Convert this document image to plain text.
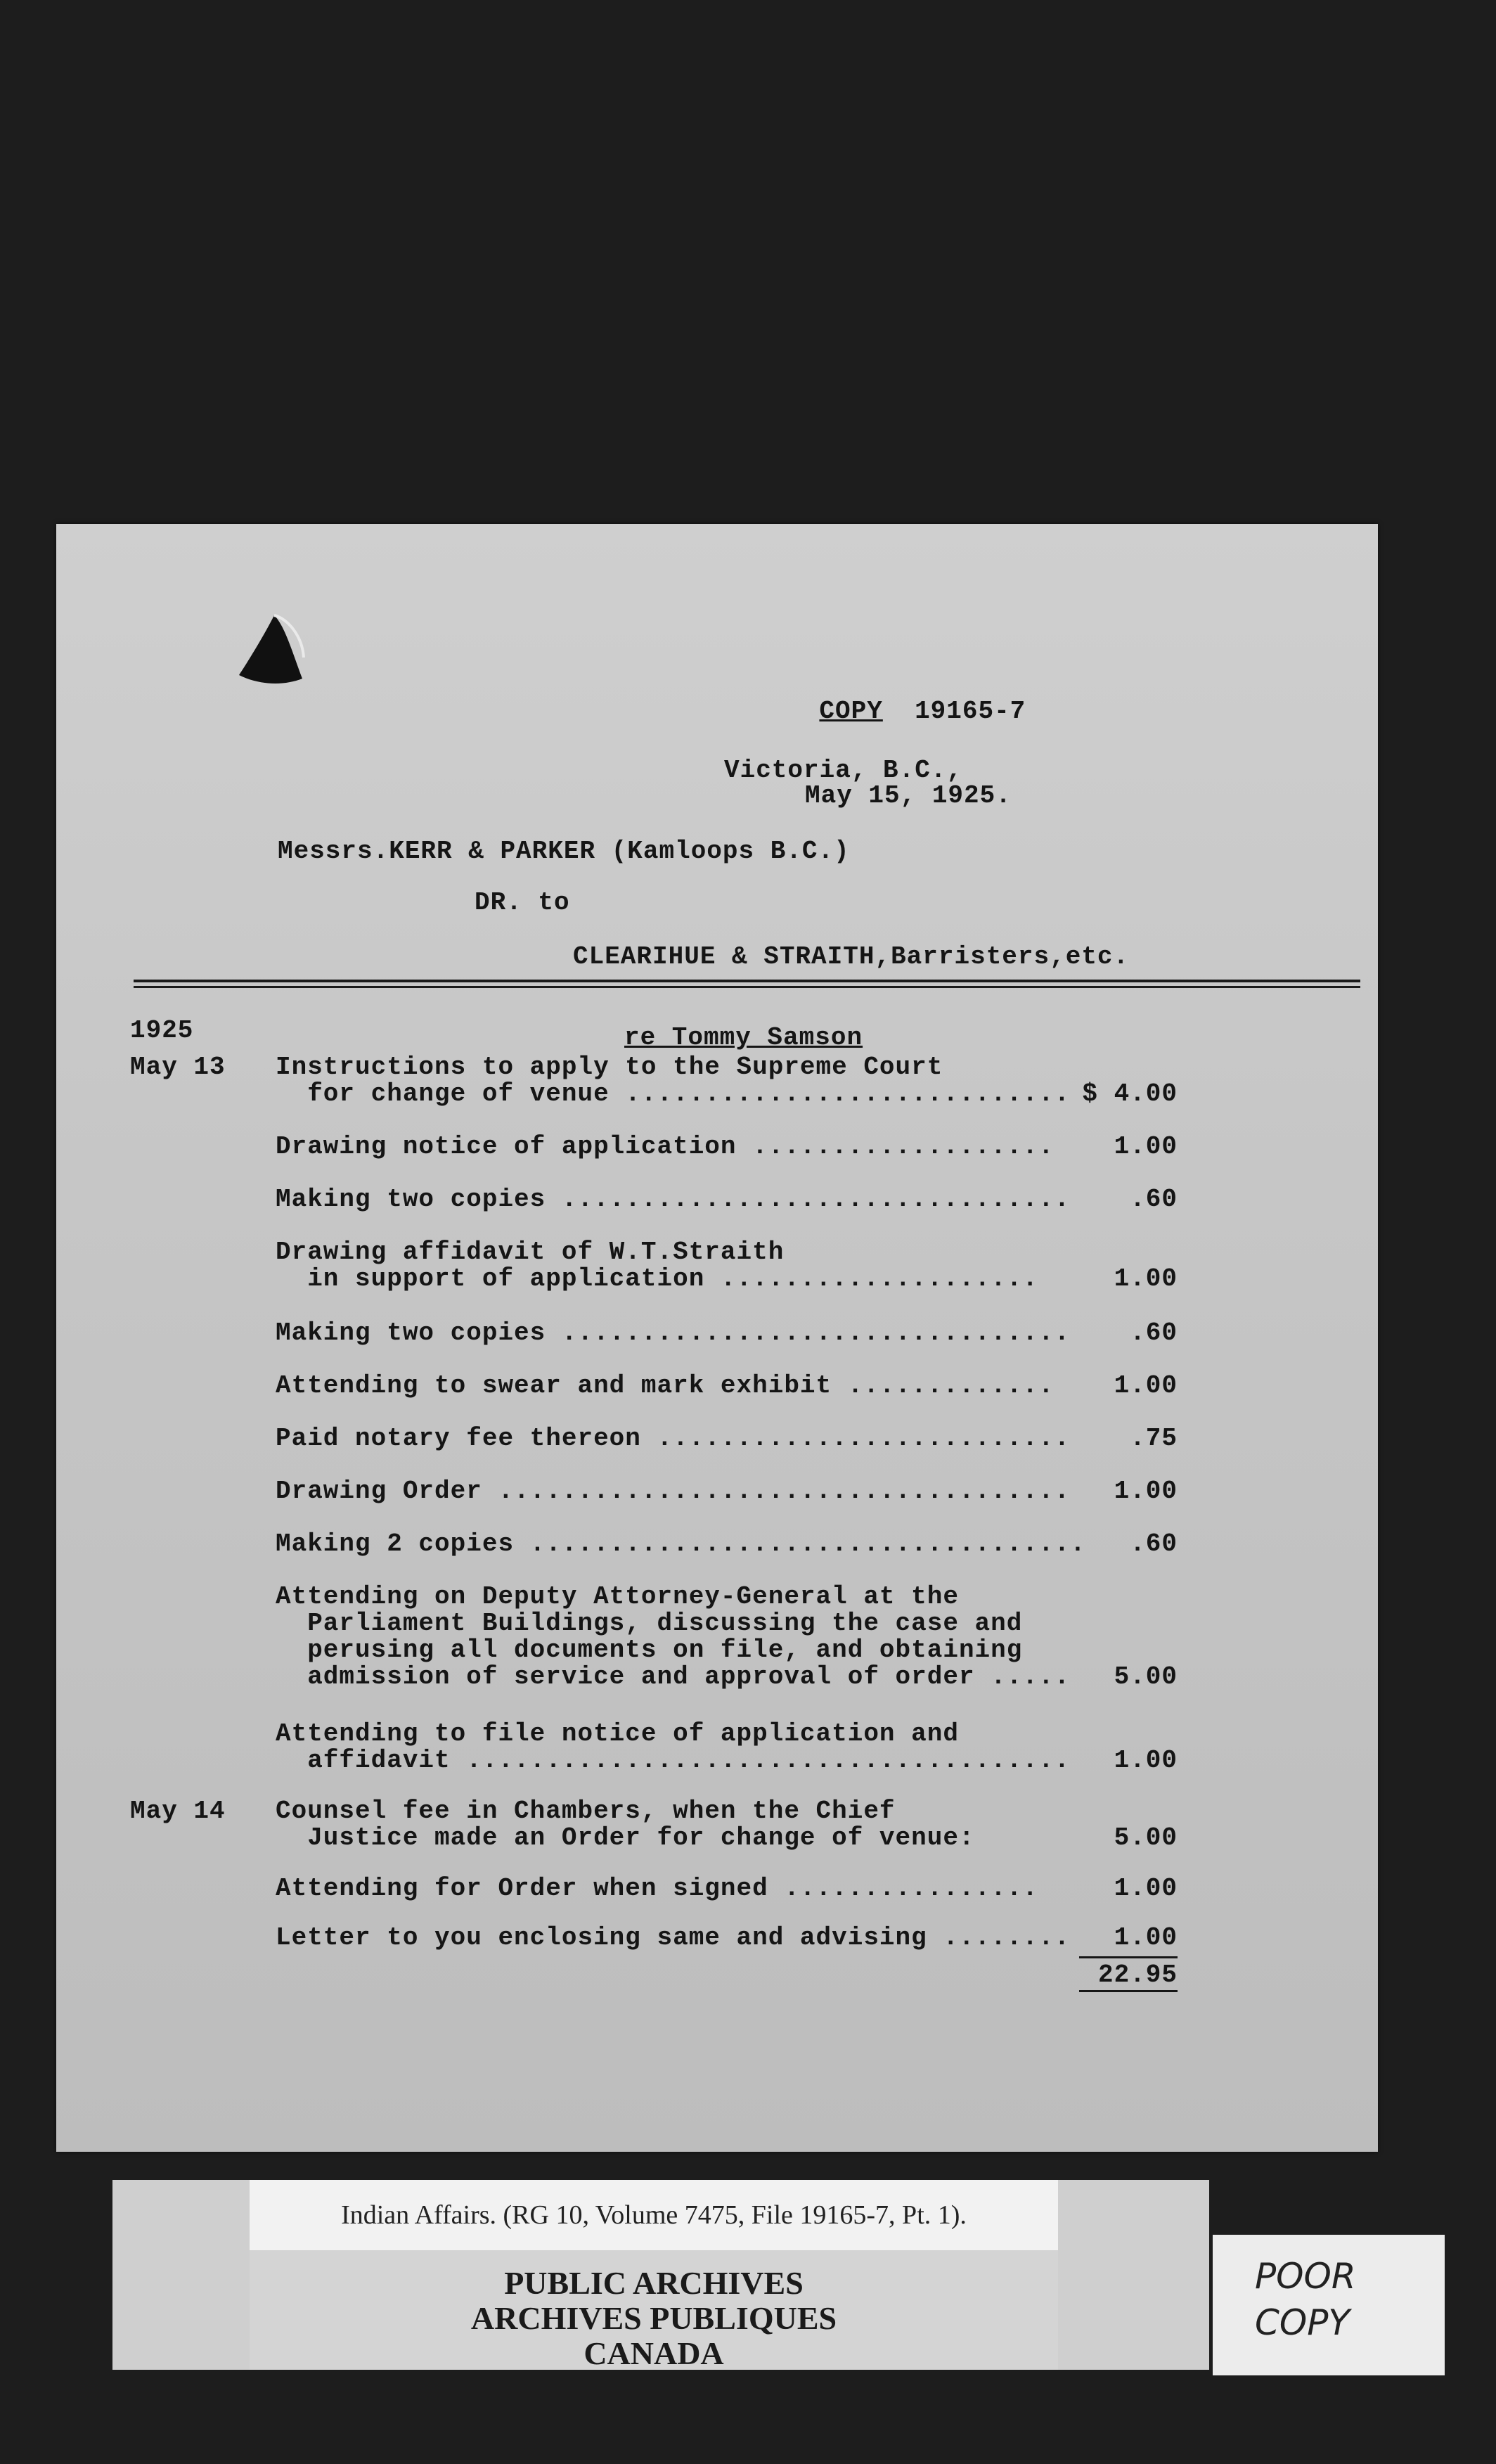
COPY 19165-7

Victoria, B.C.,
May 15, 1925.
Messrs.KERR & PARKER (Kamloops B.C.)
DR. to
CLEARIHUE & STRAITH,Barristers,etc.
1925	re Tommy Samson
May 13 Instructions to apply to the Supreme Court
for change of venue ............................ $ 4.00
Drawing notice of application ...................	1.00
Making two copies ................................	.60
Drawing affidavit of W.T.Straith
in support of application ....................	1.00
Making two copies ................................	.60
Attending to swear and mark exhibit .............	1.00
Paid notary fee thereon ..........................	.75
Drawing Order ....................................	1.00
Making 2 copies ...................................	.60
Attending on Deputy Attorney-General at the
Parliament Buildings, discussing the case and
perusing all documents on file, and obtaining
admission of service and approval of order .....	5.00
Attending to file notice of application and
affidavit ......................................	1.00
May 14 Counsel fee in Chambers, when the Chief
Justice made an Order for change of venue:	5.00
Attending for Order when signed ................	1.00
Letter to you enclosing same and advising ........	1.00
22.95
Indian Affairs. (RG 10, Volume 7475, File 19165-7, Pt. 1).
PUBLIC ARCHIVES
ARCHIVES PUBLIQUES
CANADA
POOR
COPY
